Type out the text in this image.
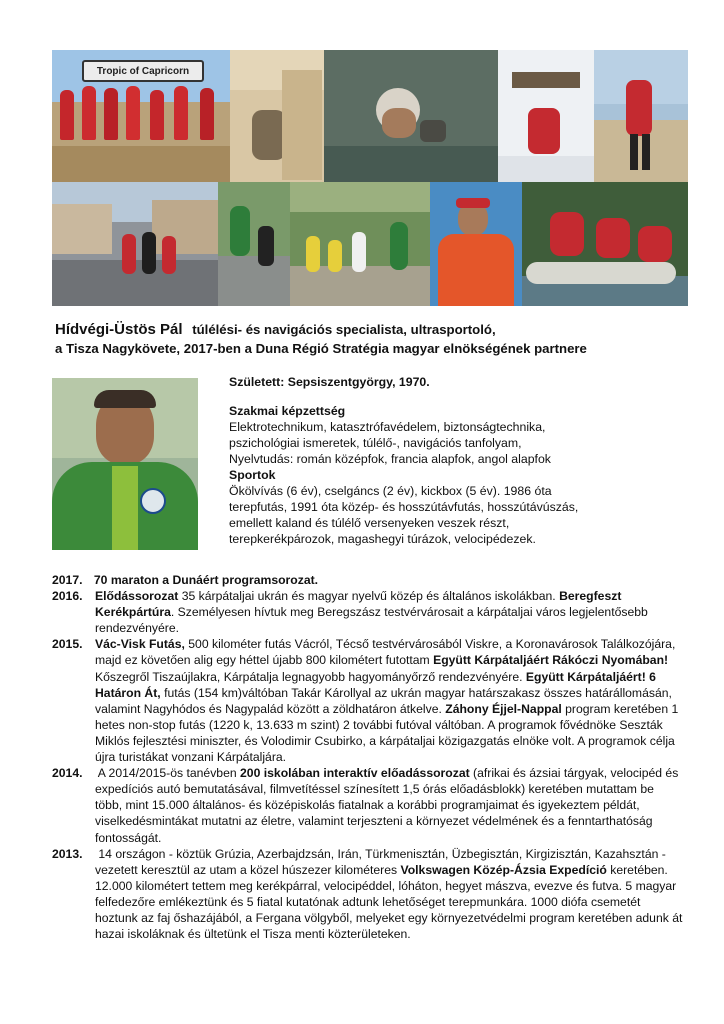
Tropic of Capricorn
Hídvégi-Üstös Pál túlélési- és navigációs specialista, ultrasportoló,
a Tisza Nagykövete, 2017-ben a Duna Régió Stratégia magyar elnökségének partnere
Született: Sepsiszentgyörgy, 1970.
Szakmai képzettség
Elektrotechnikum, katasztrófavédelem, biztonságtechnika,
pszichológiai ismeretek, túlélő-, navigációs tanfolyam,
Nyelvtudás: román középfok, francia alapfok, angol alapfok
Sportok
Ökölvívás (6 év), cselgáncs (2 év), kickbox (5 év). 1986 óta
terepfutás, 1991 óta közép- és hosszútávfutás, hosszútávúszás,
emellett kaland és túlélő versenyeken veszek részt,
terepkerékpározok, magashegyi túrázok, velocipédezek.

2017. 70 maraton a Dunáért programsorozat.

2016. Elődássorozat 35 kárpátaljai ukrán és magyar nyelvű közép és általános iskolákban. Beregfeszt Kerékpártúra. Személyesen hívtuk meg Beregszász testvérvárosait a kárpátaljai város legjelentősebb rendezvényére.

2015. Vác-Visk Futás, 500 kilométer futás Vácról, Técső testvérvárosából Viskre, a Koronavárosok Találkozójára, majd ez követően alig egy héttel újabb 800 kilométert futottam Együtt Kárpátaljáért Rákóczi Nyomában! Kőszegről Tiszaújlakra, Kárpátalja legnagyobb hagyományőrző rendezvényére. Együtt Kárpátaljáért! 6 Határon Át, futás (154 km)váltóban Takár Károllyal az ukrán magyar határszakasz összes határállomásán, valamint Nagyhódos és Nagypalád között a zöldhatáron átkelve. Záhony Éjjel-Nappal program keretében 1 hetes non-stop futás (1220 k, 13.633 m szint) 2 további futóval váltóban. A programok fővédnöke Seszták Miklós fejlesztési miniszter, és Volodimir Csubirko, a kárpátaljai közigazgatás elnöke volt. A programok célja újra turistákat vonzani Kárpátaljára.

2014. A 2014/2015-ös tanévben 200 iskolában interaktív előadássorozat (afrikai és ázsiai tárgyak, velocipéd és expedíciós autó bemutatásával, filmvetítéssel színesített 1,5 órás előadásblokk) keretében mutattam be több, mint 15.000 általános- és középiskolás fiatalnak a korábbi programjaimat és igyekeztem példát, viselkedésmintákat mutatni az életre, valamint terjeszteni a környezet védelmének és a fenntarthatóság fontosságát.

2013. 14 országon - köztük Grúzia, Azerbajdzsán, Irán, Türkmenisztán, Üzbegisztán, Kirgizisztán, Kazahsztán - vezetett keresztül az utam a közel húszezer kilométeres Volkswagen Közép-Ázsia Expedíció keretében. 12.000 kilométert tettem meg kerékpárral, velocipéddel, lóháton, hegyet mászva, evezve és futva. 5 magyar felfedezőre emlékeztünk és 5 fiatal kutatónak adtunk lehetőséget terepmunkára. 1000 diófa csemetét hoztunk az faj őshazájából, a Fergana völgyből, melyeket egy környezetvédelmi program keretében adunk át hazai iskoláknak és ültetünk el Tisza menti közterületeken.
